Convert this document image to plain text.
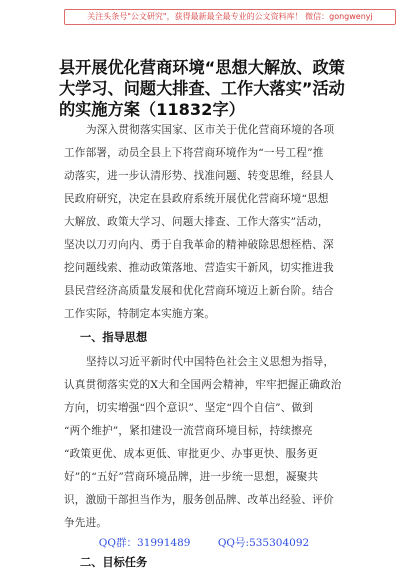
关注头条号"公文研究"，获得最新最全最专业的公文资料库！ 微信：gongwenyj
县开展优化营商环境“思想大解放、政策
大学习、问题大排查、工作大落实”活动
的实施方案（11832字）
为深入贯彻落实国家、区市关于优化营商环境的各项
工作部署，动员全县上下将营商环境作为“一号工程”推
动落实，进一步认清形势、找准问题、转变思维，经县人
民政府研究，决定在县政府系统开展优化营商环境“思想
大解放、政策大学习、问题大排查、工作大落实”活动，
坚决以刀刃向内、勇于自我革命的精神破除思想桎梏、深
挖问题线索、推动政策落地、营造实干新风，切实推进我
县民营经济高质量发展和优化营商环境迈上新台阶。结合
工作实际，特制定本实施方案。
一、指导思想
坚持以习近平新时代中国特色社会主义思想为指导，
认真贯彻落实党的X大和全国两会精神，牢牢把握正确政治
方向，切实增强“四个意识”、坚定“四个自信”、做到
“两个维护”，紧扣建设一流营商环境目标，持续擦亮
“政策更优、成本更低、审批更少、办事更快、服务更
好”的“五好”营商环境品牌，进一步统一思想，凝聚共
识，激励干部担当作为，服务创品牌、改革出经验、评价
争先进。
二、目标任务
QQ群：31991489	QQ号:535304092
